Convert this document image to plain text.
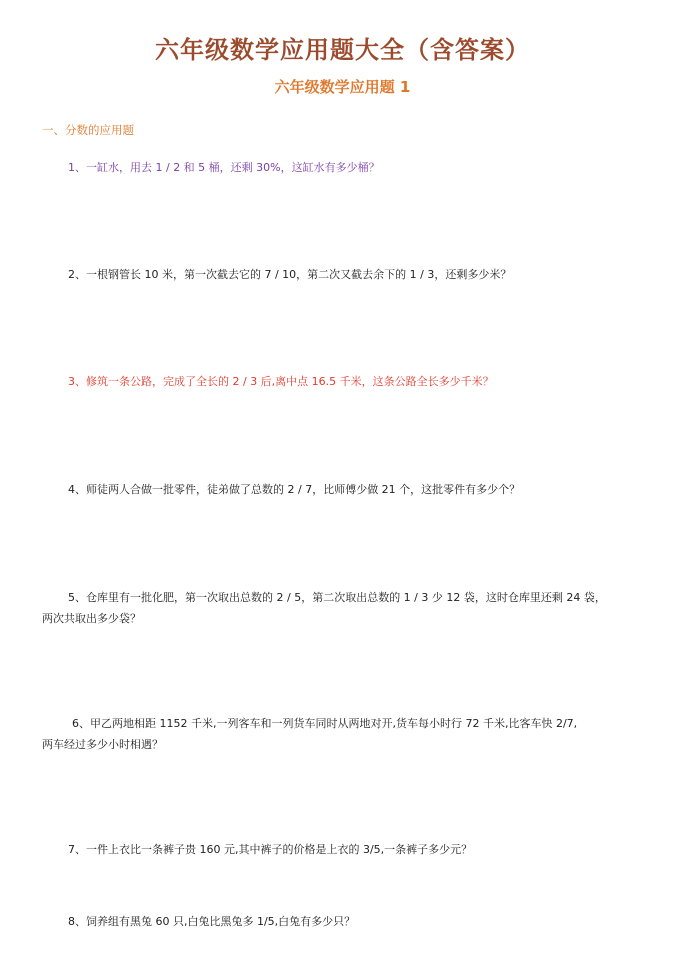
六年级数学应用题大全（含答案）
六年级数学应用题 1

一、分数的应用题

1、一缸水，用去 1 / 2 和 5 桶，还剩 30%，这缸水有多少桶？

2、一根钢管长 10 米，第一次截去它的 7 / 10，第二次又截去余下的 1 / 3，还剩多少米？

3、修筑一条公路，完成了全长的 2 / 3 后,离中点 16.5 千米，这条公路全长多少千米？

4、师徒两人合做一批零件，徒弟做了总数的 2 / 7，比师傅少做 21 个，这批零件有多少个？

5、仓库里有一批化肥，第一次取出总数的 2 / 5，第二次取出总数的 1 / 3 少 12 袋，这时仓库里还剩 24 袋，
两次共取出多少袋？

6、甲乙两地相距 1152 千米,一列客车和一列货车同时从两地对开,货车每小时行 72 千米,比客车快 2/7,
两车经过多少小时相遇？

7、一件上衣比一条裤子贵 160 元,其中裤子的价格是上衣的 3/5,一条裤子多少元？

8、饲养组有黑兔 60 只,白兔比黑兔多 1/5,白兔有多少只？
